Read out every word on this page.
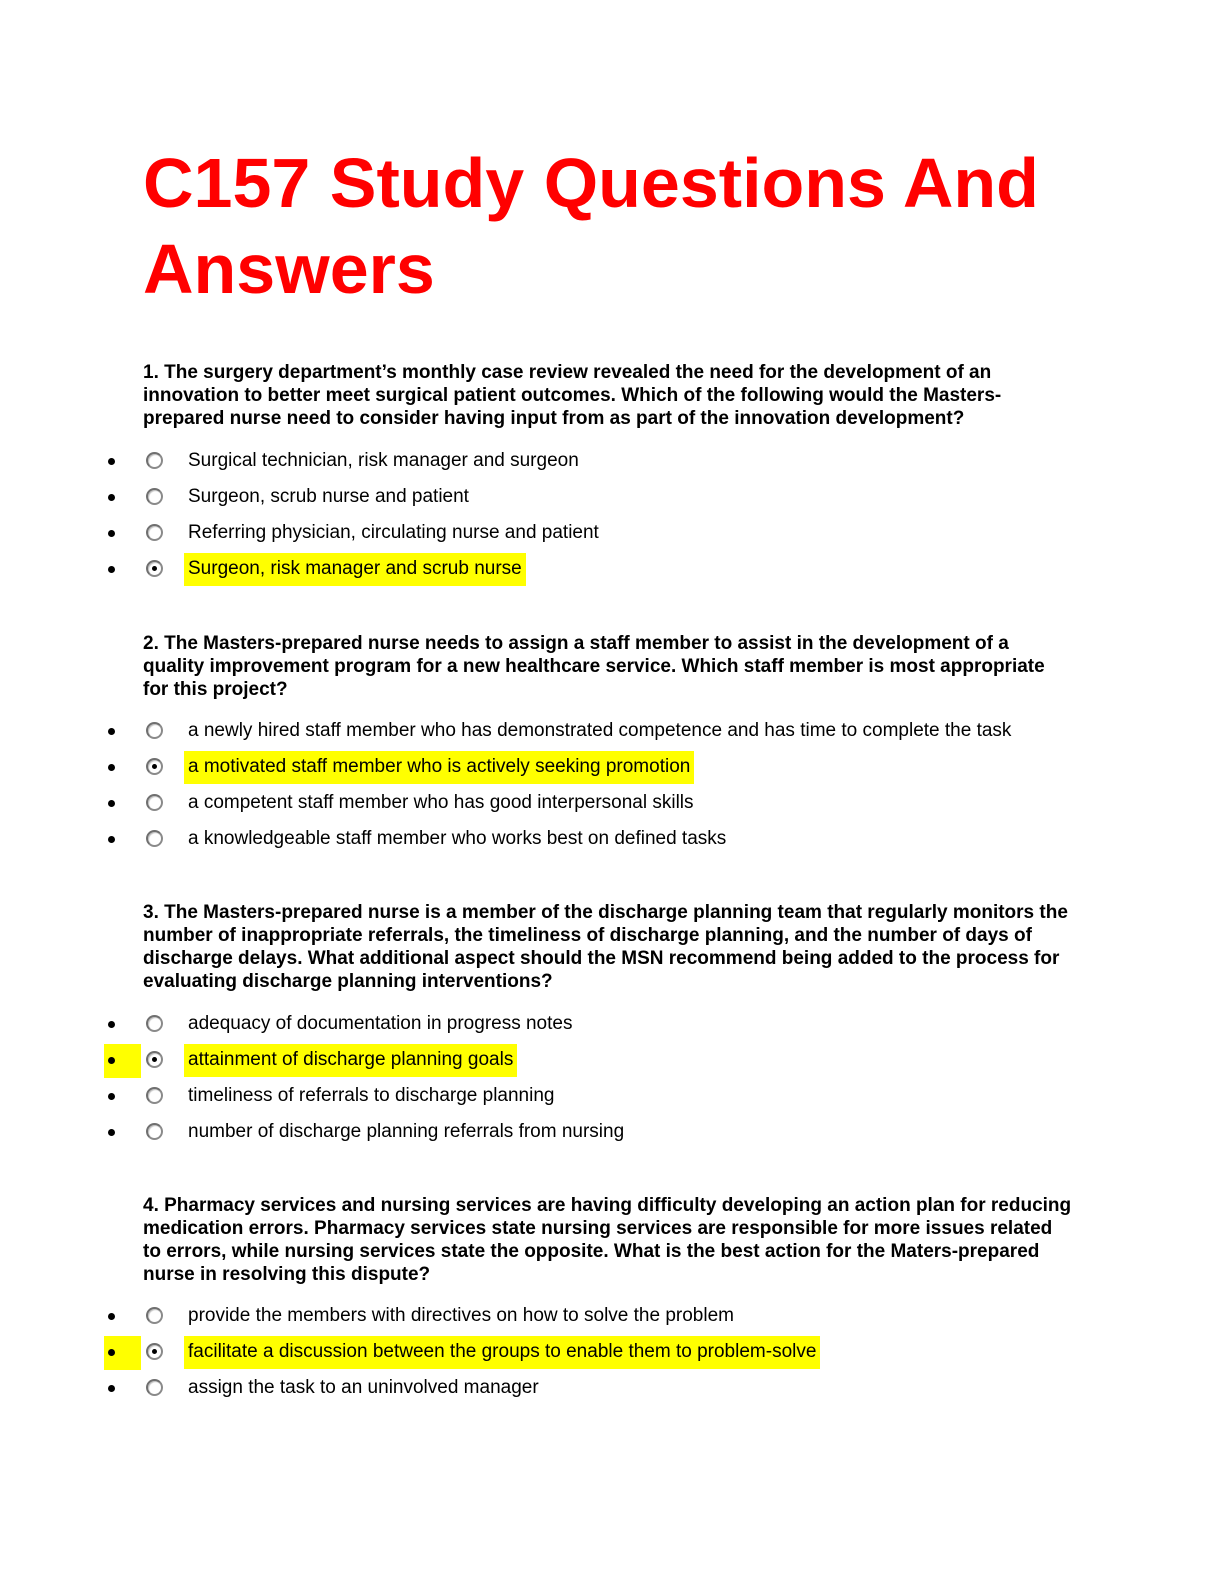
C157 Study Questions And Answers

1. The surgery department’s monthly case review revealed the need for the development of an innovation to better meet surgical patient outcomes. Which of the following would the Masters-prepared nurse need to consider having input from as part of the innovation development?

Surgical technician, risk manager and surgeon
Surgeon, scrub nurse and patient
Referring physician, circulating nurse and patient
Surgeon, risk manager and scrub nurse

2. The Masters-prepared nurse needs to assign a staff member to assist in the development of a quality improvement program for a new healthcare service. Which staff member is most appropriate for this project?

a newly hired staff member who has demonstrated competence and has time to complete the task
a motivated staff member who is actively seeking promotion
a competent staff member who has good interpersonal skills
a knowledgeable staff member who works best on defined tasks

3. The Masters-prepared nurse is a member of the discharge planning team that regularly monitors the number of inappropriate referrals, the timeliness of discharge planning, and the number of days of discharge delays. What additional aspect should the MSN recommend being added to the process for evaluating discharge planning interventions?

adequacy of documentation in progress notes
attainment of discharge planning goals
timeliness of referrals to discharge planning
number of discharge planning referrals from nursing

4. Pharmacy services and nursing services are having difficulty developing an action plan for reducing medication errors. Pharmacy services state nursing services are responsible for more issues related to errors, while nursing services state the opposite. What is the best action for the Maters-prepared nurse in resolving this dispute?

provide the members with directives on how to solve the problem
facilitate a discussion between the groups to enable them to problem-solve
assign the task to an uninvolved manager
